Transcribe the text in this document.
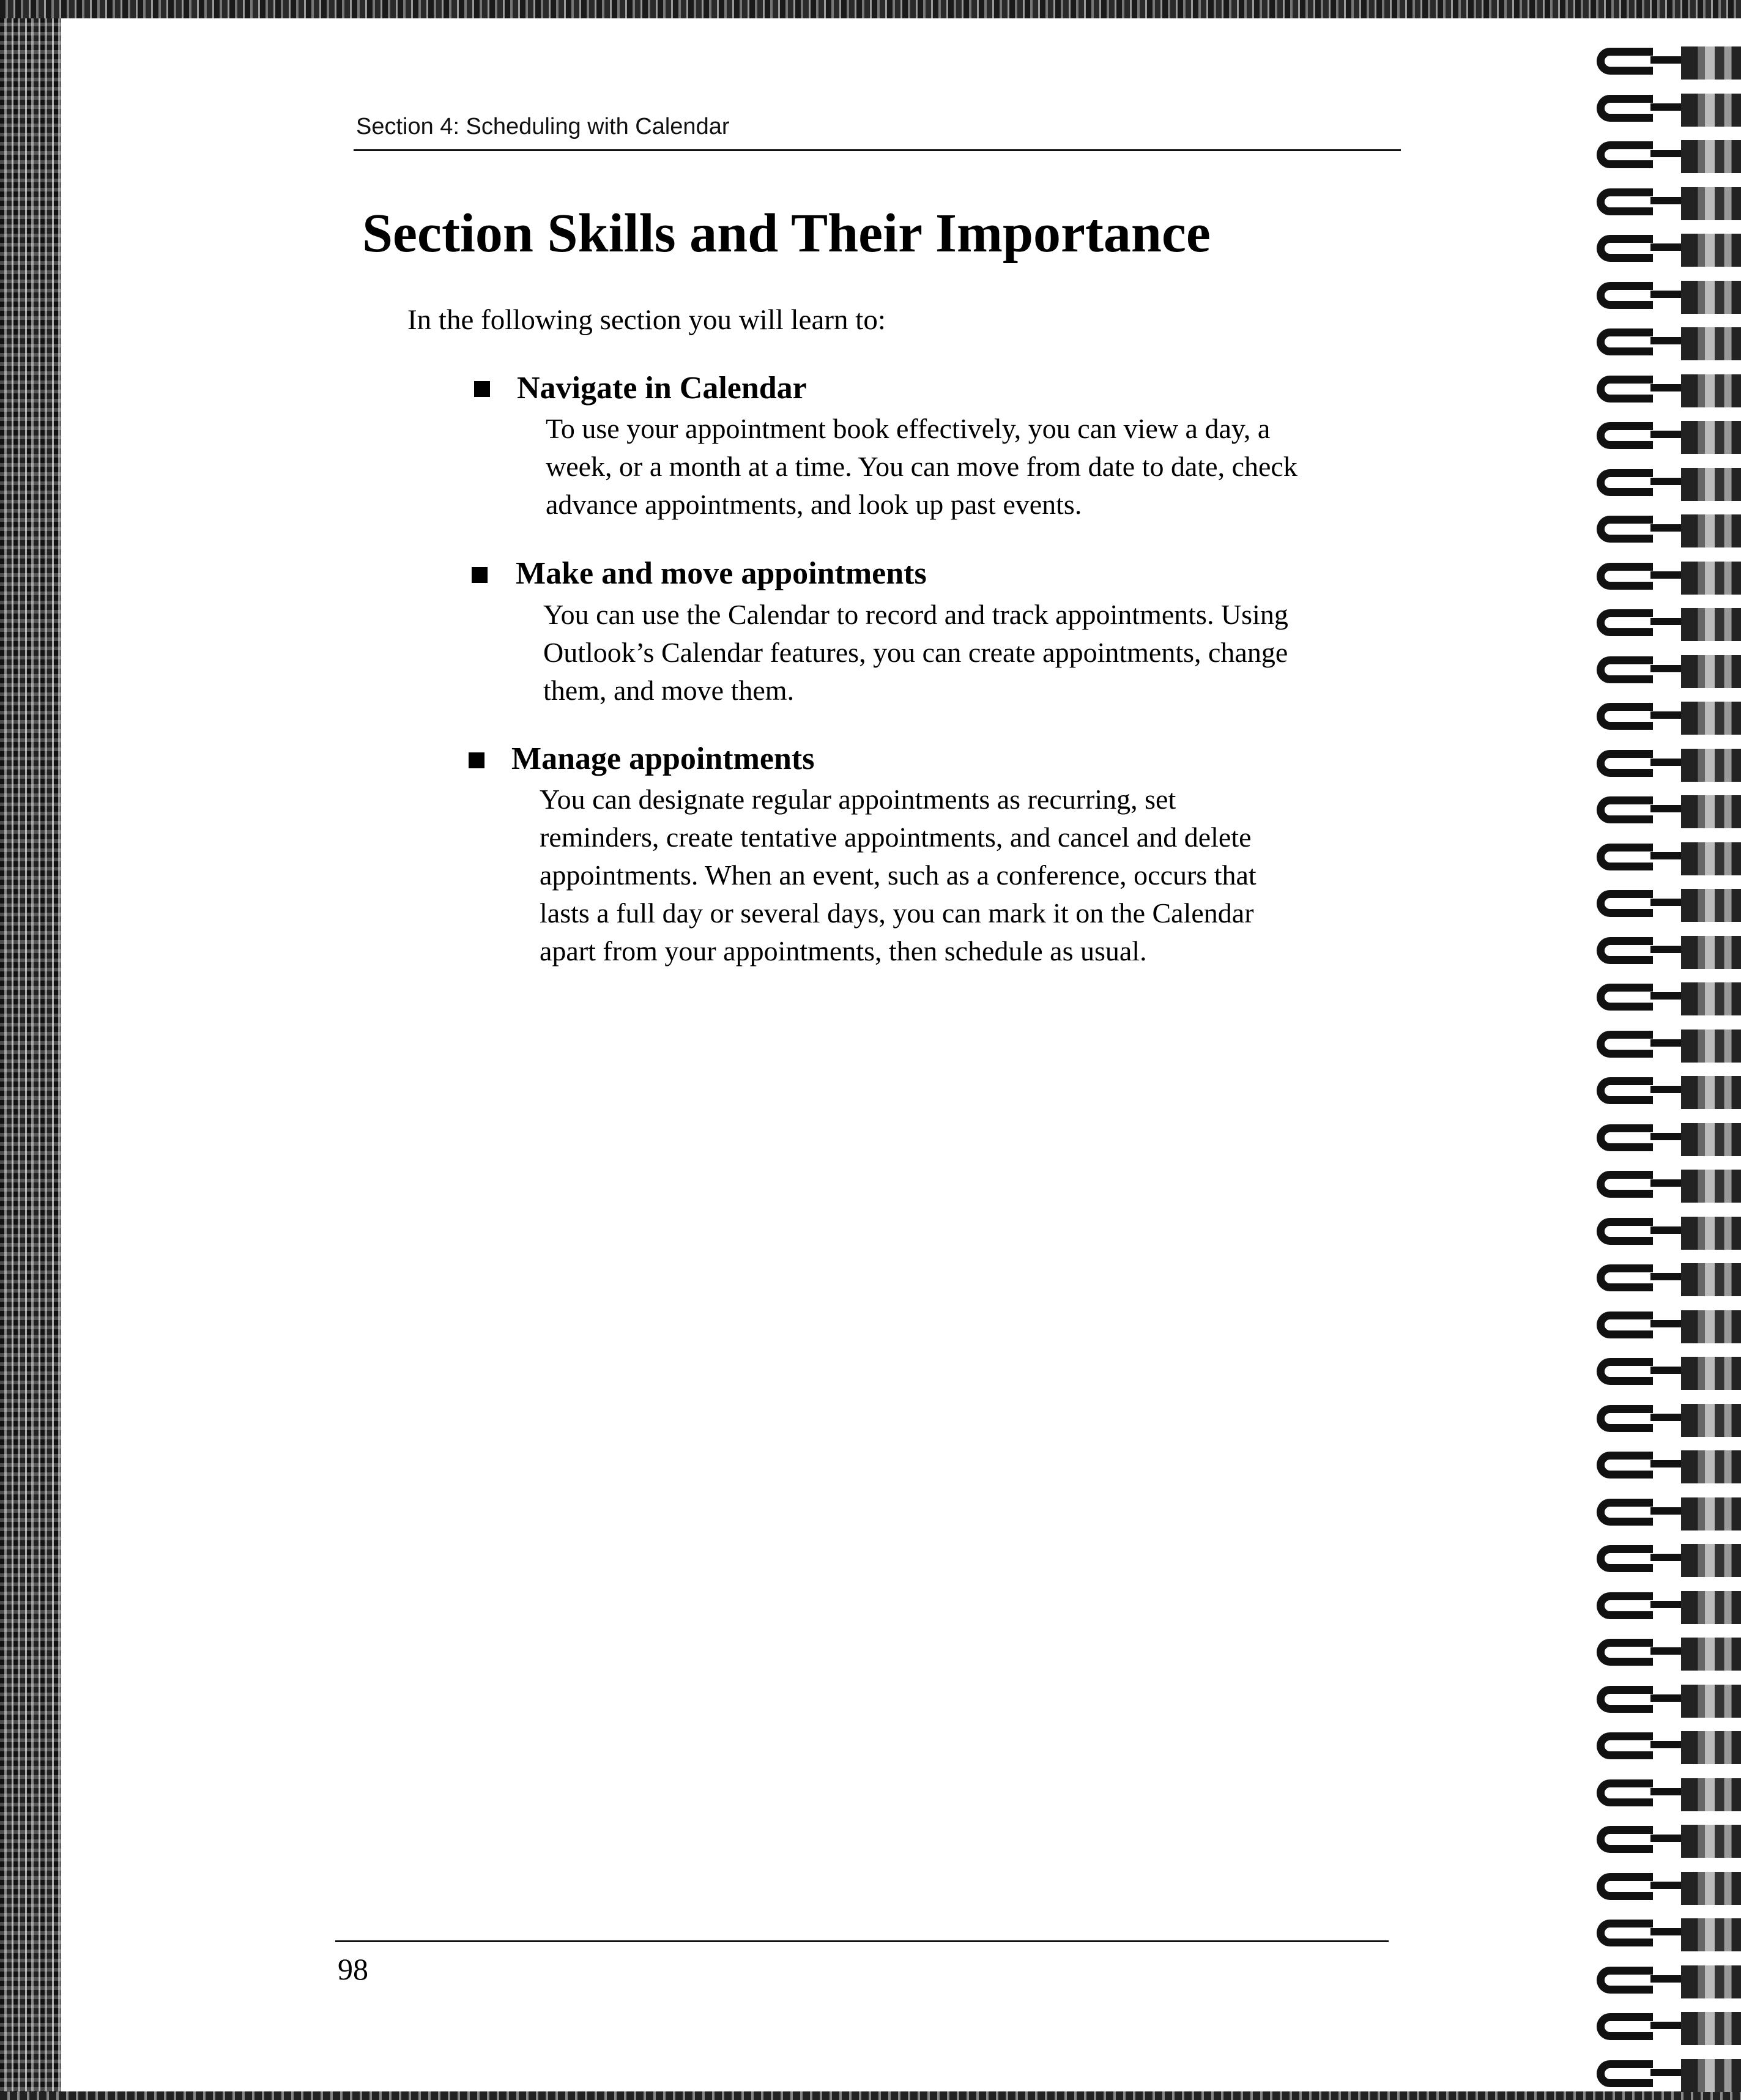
Section 4: Scheduling with Calendar

Section Skills and Their Importance

In the following section you will learn to:

Navigate in Calendar

To use your appointment book effectively, you can view a day, a
week, or a month at a time. You can move from date to date, check
advance appointments, and look up past events.

Make and move appointments

You can use the Calendar to record and track appointments. Using
Outlook’s Calendar features, you can create appointments, change
them, and move them.

Manage appointments

You can designate regular appointments as recurring, set
reminders, create tentative appointments, and cancel and delete
appointments. When an event, such as a conference, occurs that
lasts a full day or several days, you can mark it on the Calendar
apart from your appointments, then schedule as usual.

98
